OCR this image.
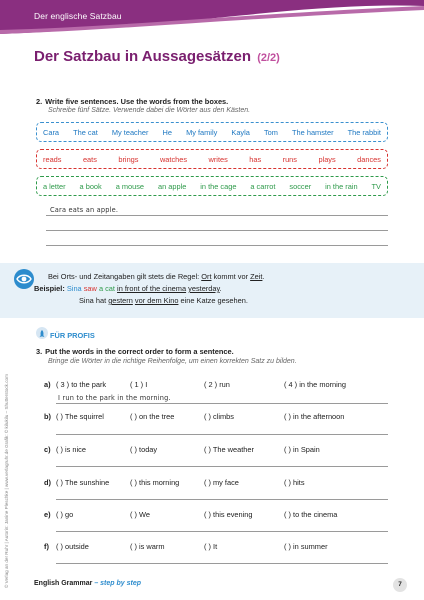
Der englische Satzbau
Der Satzbau in Aussagesätzen (2/2)
2. Write five sentences. Use the words from the boxes.
Schreibe fünf Sätze. Verwende dabei die Wörter aus den Kästen.
Cara The cat My teacher He My family Kayla Tom The hamster The rabbit
reads	eats	brings	watches	writes	has	runs	plays	dances
a letter a book a mouse an apple in the cage a carrot soccer in the rain TV
Cara eats an apple.
Bei Orts- und Zeitangaben gilt stets die Regel: Ort kommt vor Zeit.
Beispiel: Sina saw a cat in front of the cinema yesterday.
Sina hat gestern vor dem Kino eine Katze gesehen.
FÜR PROFIS
3. Put the words in the correct order to form a sentence.
Bringe die Wörter in die richtige Reihenfolge, um einen korrekten Satz zu bilden.
a) ( 3 ) to the park	( 1 ) I	( 2 ) run	( 4 ) in the morning
I run to the park in the morning.
b) ( ) The squirrel	( ) on the tree	( ) climbs	( ) in the afternoon
c) ( ) is nice	( ) today	( ) The weather	( ) in Spain
d) ( ) The sunshine	( ) this morning	( ) my face	( ) hits
e) ( ) go	( ) We	( ) this evening	( ) to the cinema
f) ( ) outside	( ) is warm	( ) It	( ) in summer
© Verlag an der Ruhr | Autorin: Janine Pleschke | www.verlagruhr.de Grafik: © kilukilu – Shutterstock.com	English Grammar – step by step	7
